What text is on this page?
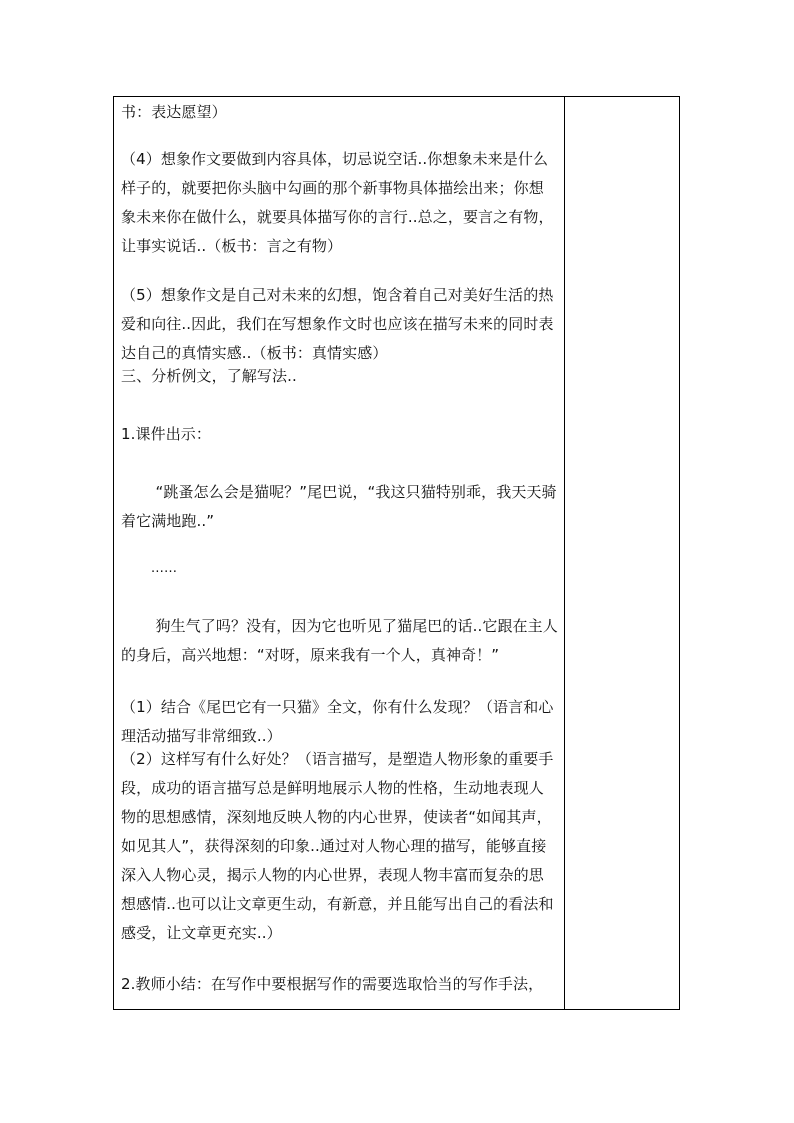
书：表达愿望）
（4）想象作文要做到内容具体，切忌说空话..你想象未来是什么样子的，就要把你头脑中勾画的那个新事物具体描绘出来；你想象未来你在做什么，就要具体描写你的言行..总之，要言之有物，让事实说话..（板书：言之有物）
（5）想象作文是自己对未来的幻想，饱含着自己对美好生活的热爱和向往..因此，我们在写想象作文时也应该在描写未来的同时表达自己的真情实感..（板书：真情实感）
三、分析例文，了解写法..
1.课件出示：
“跳蚤怎么会是猫呢？”尾巴说，“我这只猫特别乖，我天天骑着它满地跑..”
……
狗生气了吗？没有，因为它也听见了猫尾巴的话..它跟在主人的身后，高兴地想：“对呀，原来我有一个人，真神奇！”
（1）结合《尾巴它有一只猫》全文，你有什么发现？（语言和心理活动描写非常细致..）
（2）这样写有什么好处？（语言描写，是塑造人物形象的重要手段，成功的语言描写总是鲜明地展示人物的性格，生动地表现人物的思想感情，深刻地反映人物的内心世界，使读者“如闻其声，如见其人”，获得深刻的印象..通过对人物心理的描写，能够直接深入人物心灵，揭示人物的内心世界，表现人物丰富而复杂的思想感情..也可以让文章更生动，有新意，并且能写出自己的看法和感受，让文章更充实..）
2.教师小结：在写作中要根据写作的需要选取恰当的写作手法，
